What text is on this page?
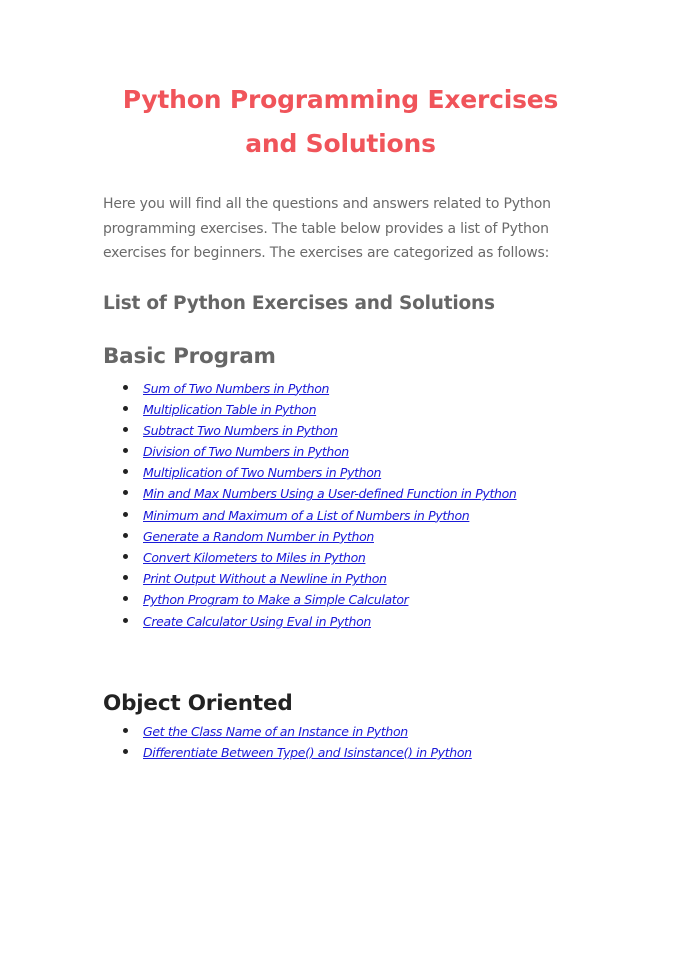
Python Programming Exercises and Solutions

Here you will find all the questions and answers related to Python programming exercises. The table below provides a list of Python exercises for beginners. The exercises are categorized as follows:

List of Python Exercises and Solutions
Basic Program
Sum of Two Numbers in Python
Multiplication Table in Python
Subtract Two Numbers in Python
Division of Two Numbers in Python
Multiplication of Two Numbers in Python
Min and Max Numbers Using a User-defined Function in Python
Minimum and Maximum of a List of Numbers in Python
Generate a Random Number in Python
Convert Kilometers to Miles in Python
Print Output Without a Newline in Python
Python Program to Make a Simple Calculator
Create Calculator Using Eval in Python
Object Oriented
Get the Class Name of an Instance in Python
Differentiate Between Type() and Isinstance() in Python
